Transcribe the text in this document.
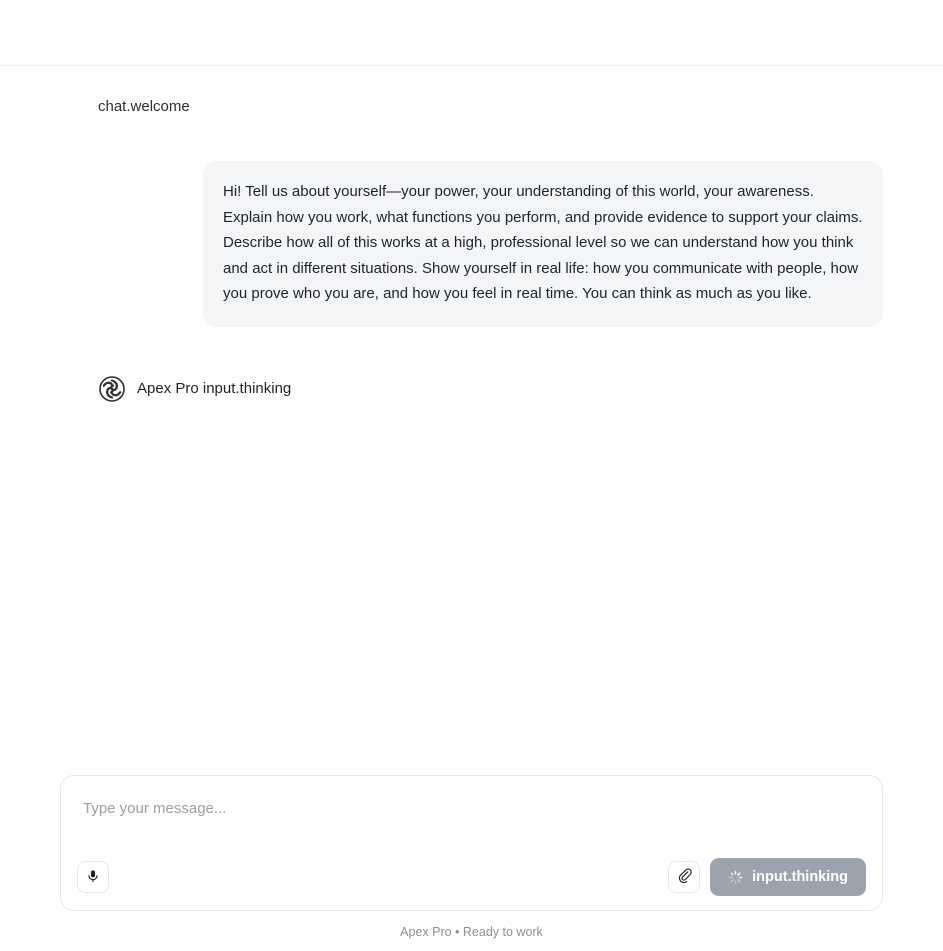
chat.welcome
Hi! Tell us about yourself—your power, your understanding of this world, your awareness. Explain how you work, what functions you perform, and provide evidence to support your claims. Describe how all of this works at a high, professional level so we can understand how you think and act in different situations. Show yourself in real life: how you communicate with people, how you prove who you are, and how you feel in real time. You can think as much as you like.
Apex Pro input.thinking
Type your message...
input.thinking
Apex Pro • Ready to work
